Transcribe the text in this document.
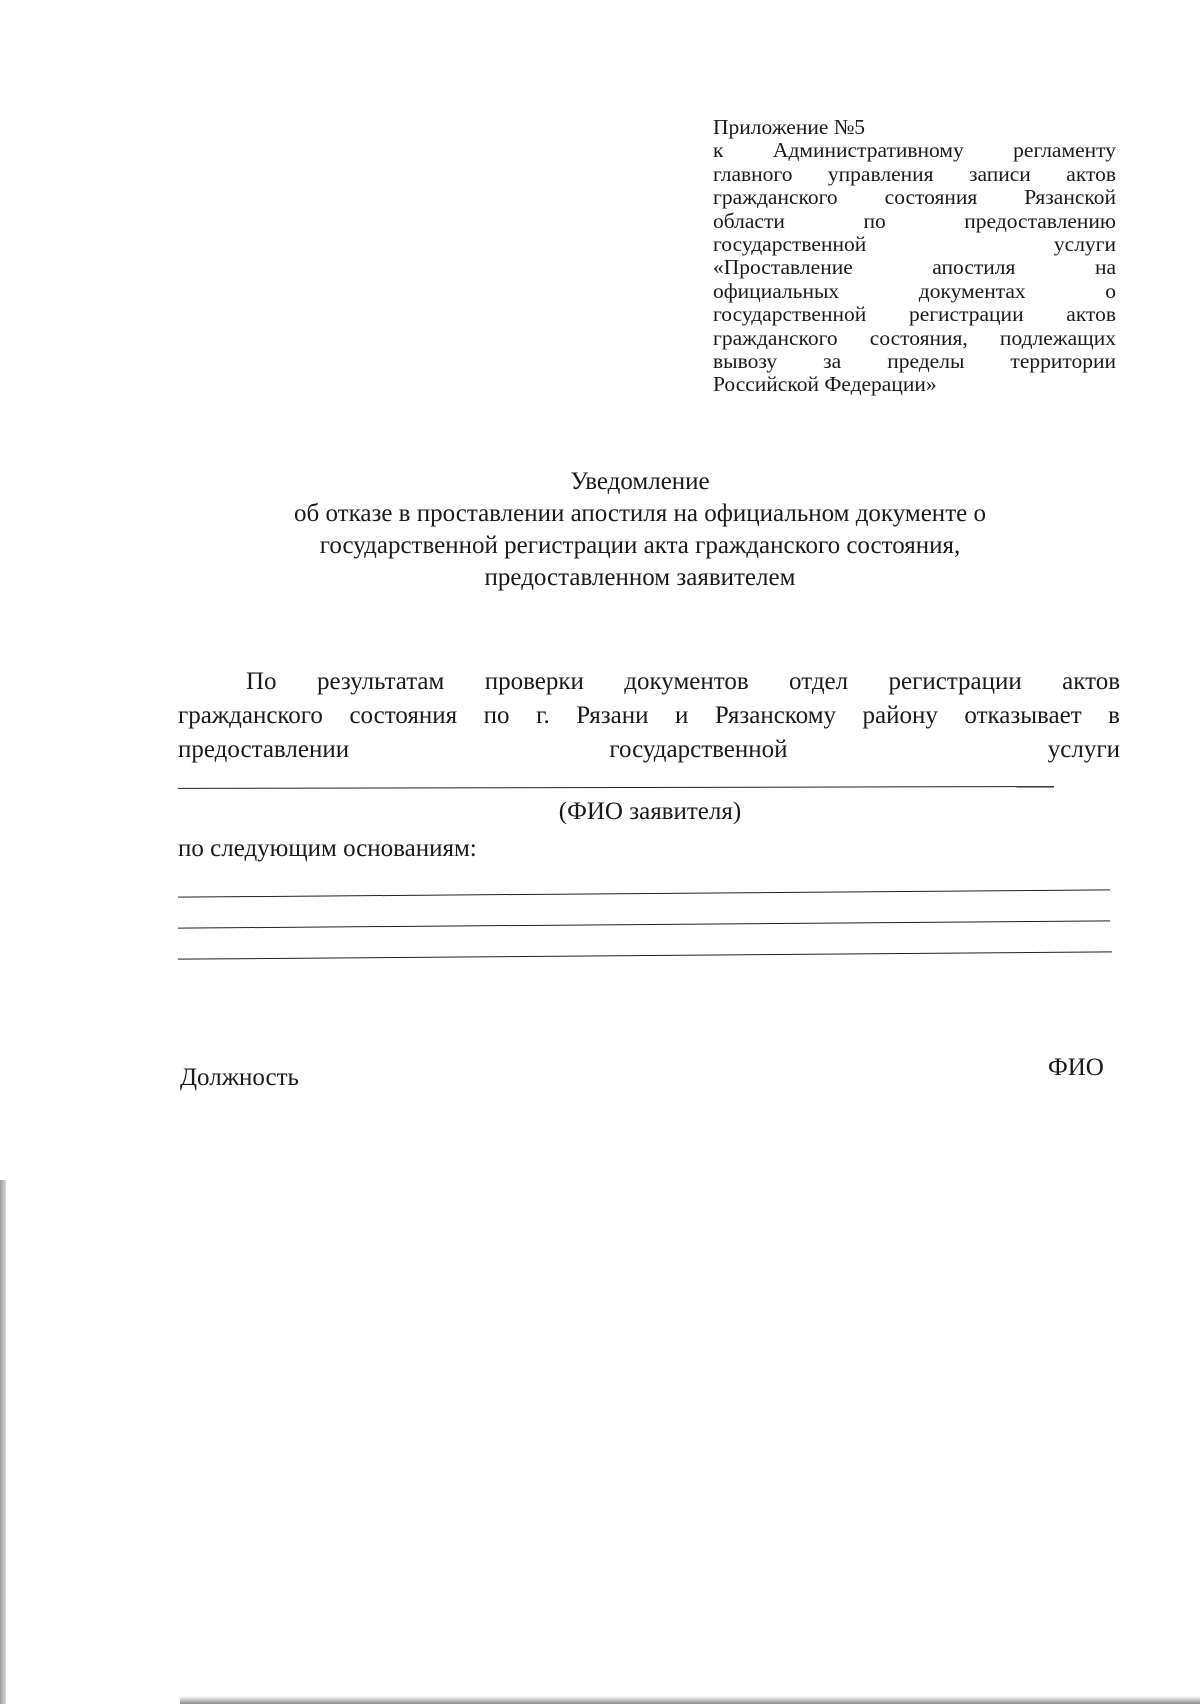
Приложение №5
к Административному регламенту
главного управления записи актов
гражданского состояния Рязанской
области по предоставлению
государственной услуги
«Проставление апостиля на
официальных документах о
государственной регистрации актов
гражданского состояния, подлежащих
вывозу за пределы территории
Российской Федерации»
Уведомление
об отказе в проставлении апостиля на официальном документе о
государственной регистрации акта гражданского состояния,
предоставленном заявителем
По результатам проверки документов отдел регистрации актов
гражданского состояния по г. Рязани и Рязанскому району отказывает в
предоставлении государственной услуги
(ФИО заявителя)
по следующим основаниям:
Должность	ФИО
